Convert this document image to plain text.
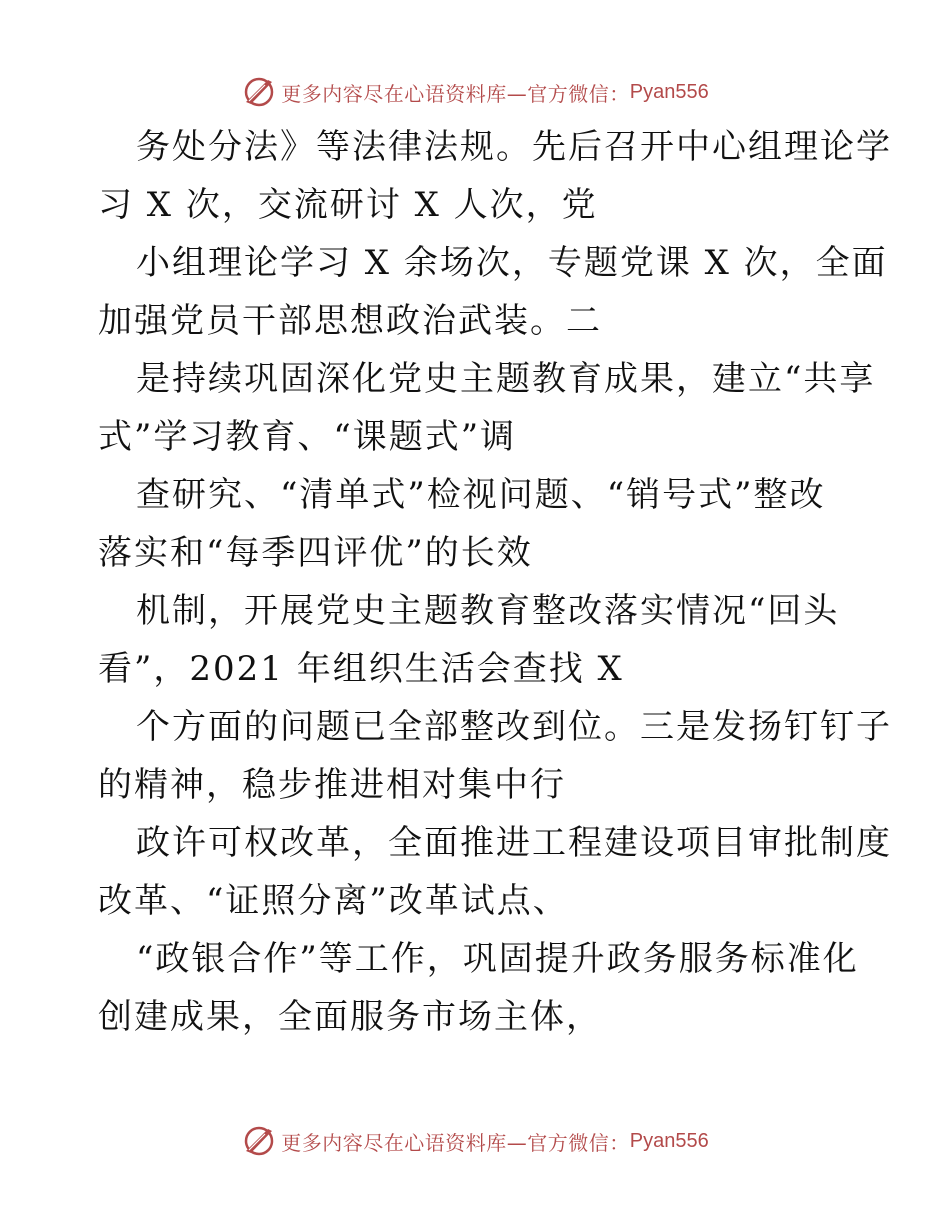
更多内容尽在心语资料库—官方微信： Pyan556
务处分法》等法律法规。先后召开中心组理论学
习 X 次，交流研讨 X 人次，党
小组理论学习 X 余场次，专题党课 X 次，全面
加强党员干部思想政治武装。二
是持续巩固深化党史主题教育成果，建立“共享
式”学习教育、“课题式”调
查研究、“清单式”检视问题、“销号式”整改
落实和“每季四评优”的长效
机制，开展党史主题教育整改落实情况“回头
看”，2021 年组织生活会查找 X
个方面的问题已全部整改到位。三是发扬钉钉子
的精神，稳步推进相对集中行
政许可权改革，全面推进工程建设项目审批制度
改革、“证照分离”改革试点、
“政银合作”等工作，巩固提升政务服务标准化
创建成果，全面服务市场主体，
更多内容尽在心语资料库—官方微信： Pyan556
